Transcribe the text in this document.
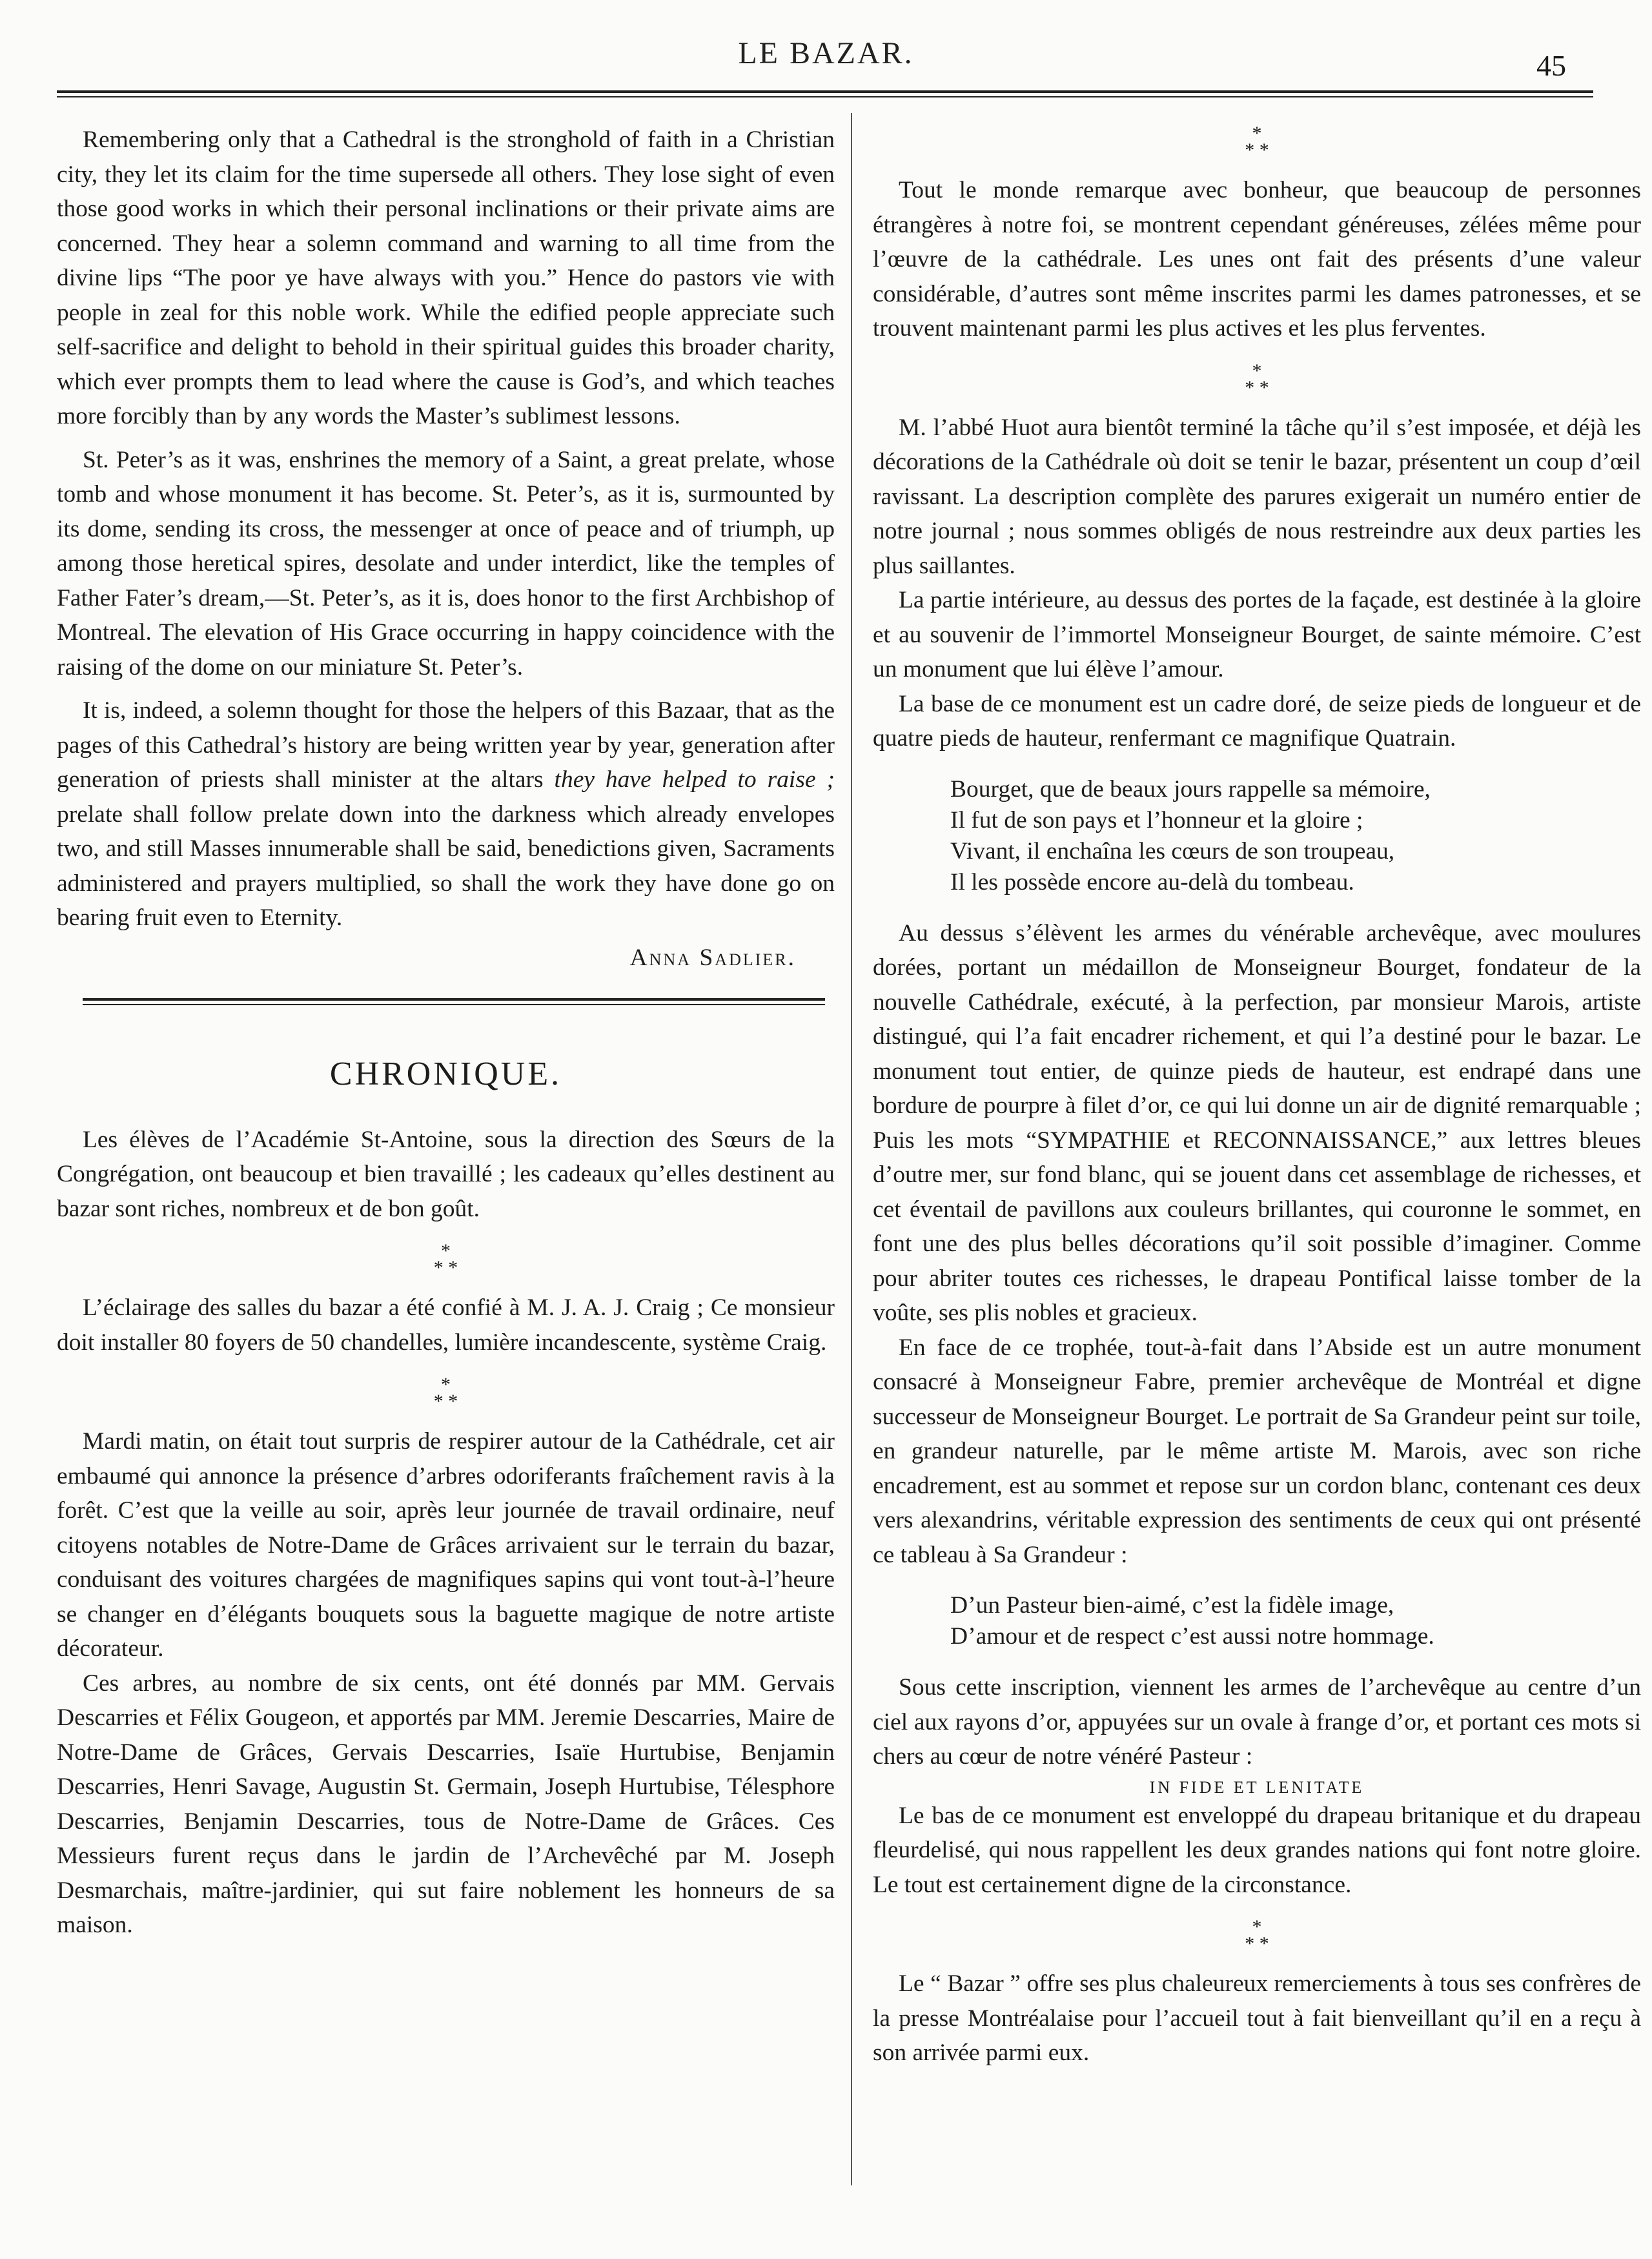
LE BAZAR.	45

Remembering only that a Cathedral is the stronghold of faith in a Christian city, they let its claim for the time supersede all others. They lose sight of even those good works in which their personal inclinations or their private aims are concerned. They hear a solemn command and warning to all time from the divine lips “The poor ye have always with you.” Hence do pastors vie with people in zeal for this noble work. While the edified people appreciate such self-sacrifice and delight to behold in their spiritual guides this broader charity, which ever prompts them to lead where the cause is God’s, and which teaches more forcibly than by any words the Master’s sublimest lessons.

St. Peter’s as it was, enshrines the memory of a Saint, a great prelate, whose tomb and whose monument it has become. St. Peter’s, as it is, surmounted by its dome, sending its cross, the messenger at once of peace and of triumph, up among those heretical spires, desolate and under interdict, like the temples of Father Fater’s dream,—St. Peter’s, as it is, does honor to the first Archbishop of Montreal. The elevation of His Grace occurring in happy coincidence with the raising of the dome on our miniature St. Peter’s.

It is, indeed, a solemn thought for those the helpers of this Bazaar, that as the pages of this Cathedral’s history are being written year by year, generation after generation of priests shall minister at the altars they have helped to raise ; prelate shall follow prelate down into the darkness which already envelopes two, and still Masses innumerable shall be said, benedictions given, Sacraments administered and prayers multiplied, so shall the work they have done go on bearing fruit even to Eternity.

Anna Sadlier.
CHRONIQUE.

Les élèves de l’Académie St-Antoine, sous la direction des Sœurs de la Congrégation, ont beaucoup et bien travaillé ; les cadeaux qu’elles destinent au bazar sont riches, nombreux et de bon goût.

*
* *

L’éclairage des salles du bazar a été confié à M. J. A. J. Craig ; Ce monsieur doit installer 80 foyers de 50 chandelles, lumière incandescente, système Craig.

*
* *

Mardi matin, on était tout surpris de respirer autour de la Cathédrale, cet air embaumé qui annonce la présence d’arbres odoriferants fraîchement ravis à la forêt. C’est que la veille au soir, après leur journée de travail ordinaire, neuf citoyens notables de Notre-Dame de Grâces arrivaient sur le terrain du bazar, conduisant des voitures chargées de magnifiques sapins qui vont tout-à-l’heure se changer en d’élégants bouquets sous la baguette magique de notre artiste décorateur.

Ces arbres, au nombre de six cents, ont été donnés par MM. Gervais Descarries et Félix Gougeon, et apportés par MM. Jeremie Descarries, Maire de Notre-Dame de Grâces, Gervais Descarries, Isaïe Hurtubise, Benjamin Descarries, Henri Savage, Augustin St. Germain, Joseph Hurtubise, Télesphore Descarries, Benjamin Descarries, tous de Notre-Dame de Grâces. Ces Messieurs furent reçus dans le jardin de l’Archevêché par M. Joseph Desmarchais, maître-jardinier, qui sut faire noblement les honneurs de sa maison.

*
* *

Tout le monde remarque avec bonheur, que beaucoup de personnes étrangères à notre foi, se montrent cependant généreuses, zélées même pour l’œuvre de la cathédrale. Les unes ont fait des présents d’une valeur considérable, d’autres sont même inscrites parmi les dames patronesses, et se trouvent maintenant parmi les plus actives et les plus ferventes.

*
* *

M. l’abbé Huot aura bientôt terminé la tâche qu’il s’est imposée, et déjà les décorations de la Cathédrale où doit se tenir le bazar, présentent un coup d’œil ravissant. La description complète des parures exigerait un numéro entier de notre journal ; nous sommes obligés de nous restreindre aux deux parties les plus saillantes.

La partie intérieure, au dessus des portes de la façade, est destinée à la gloire et au souvenir de l’immortel Monseigneur Bourget, de sainte mémoire. C’est un monument que lui élève l’amour.

La base de ce monument est un cadre doré, de seize pieds de longueur et de quatre pieds de hauteur, renfermant ce magnifique Quatrain.

Bourget, que de beaux jours rappelle sa mémoire,
Il fut de son pays et l’honneur et la gloire ;
Vivant, il enchaîna les cœurs de son troupeau,
Il les possède encore au-delà du tombeau.

Au dessus s’élèvent les armes du vénérable archevêque, avec moulures dorées, portant un médaillon de Monseigneur Bourget, fondateur de la nouvelle Cathédrale, exécuté, à la perfection, par monsieur Marois, artiste distingué, qui l’a fait encadrer richement, et qui l’a destiné pour le bazar. Le monument tout entier, de quinze pieds de hauteur, est endrapé dans une bordure de pourpre à filet d’or, ce qui lui donne un air de dignité remarquable ; Puis les mots “SYMPATHIE et RECONNAISSANCE,” aux lettres bleues d’outre mer, sur fond blanc, qui se jouent dans cet assemblage de richesses, et cet éventail de pavillons aux couleurs brillantes, qui couronne le sommet, en font une des plus belles décorations qu’il soit possible d’imaginer. Comme pour abriter toutes ces richesses, le drapeau Pontifical laisse tomber de la voûte, ses plis nobles et gracieux.

En face de ce trophée, tout-à-fait dans l’Abside est un autre monument consacré à Monseigneur Fabre, premier archevêque de Montréal et digne successeur de Monseigneur Bourget. Le portrait de Sa Grandeur peint sur toile, en grandeur naturelle, par le même artiste M. Marois, avec son riche encadrement, est au sommet et repose sur un cordon blanc, contenant ces deux vers alexandrins, véritable expression des sentiments de ceux qui ont présenté ce tableau à Sa Grandeur :

D’un Pasteur bien-aimé, c’est la fidèle image,
D’amour et de respect c’est aussi notre hommage.

Sous cette inscription, viennent les armes de l’archevêque au centre d’un ciel aux rayons d’or, appuyées sur un ovale à frange d’or, et portant ces mots si chers au cœur de notre vénéré Pasteur :

IN FIDE ET LENITATE

Le bas de ce monument est enveloppé du drapeau britanique et du drapeau fleurdelisé, qui nous rappellent les deux grandes nations qui font notre gloire. Le tout est certainement digne de la circonstance.

*
* *

Le “ Bazar ” offre ses plus chaleureux remerciements à tous ses confrères de la presse Montréalaise pour l’accueil tout à fait bienveillant qu’il en a reçu à son arrivée parmi eux.
